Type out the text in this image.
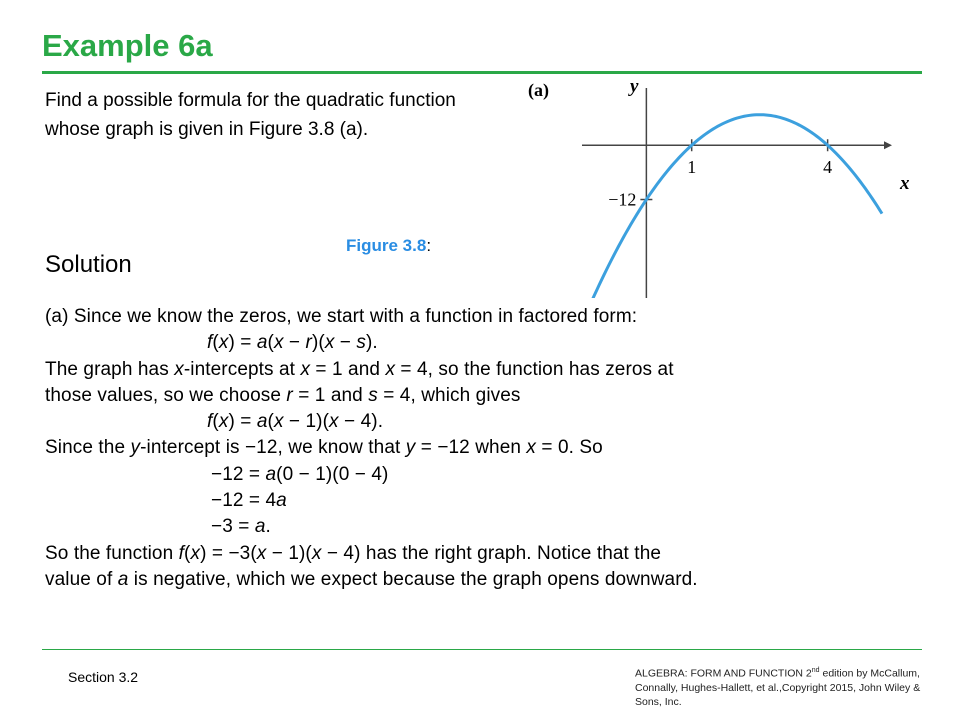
Example 6a

Find a possible formula for the quadratic function whose graph is given in Figure 3.8 (a).

Figure 3.8:
(a)	y
x
1	4
−12
Solution
(a) Since we know the zeros, we start with a function in factored form:
f(x) = a(x − r)(x − s).
The graph has x-intercepts at x = 1 and x = 4, so the function has zeros at
those values, so we choose r = 1 and s = 4, which gives
f(x) = a(x − 1)(x − 4).
Since the y-intercept is −12, we know that y = −12 when x = 0. So
−12 = a(0 − 1)(0 − 4)
−12 = 4a
−3 = a.
So the function f(x) = −3(x − 1)(x − 4) has the right graph. Notice that the
value of a is negative, which we expect because the graph opens downward.
Section 3.2	ALGEBRA: FORM AND FUNCTION 2nd edition by McCallum, Connally, Hughes-Hallett, et al.,Copyright 2015, John Wiley & Sons, Inc.
